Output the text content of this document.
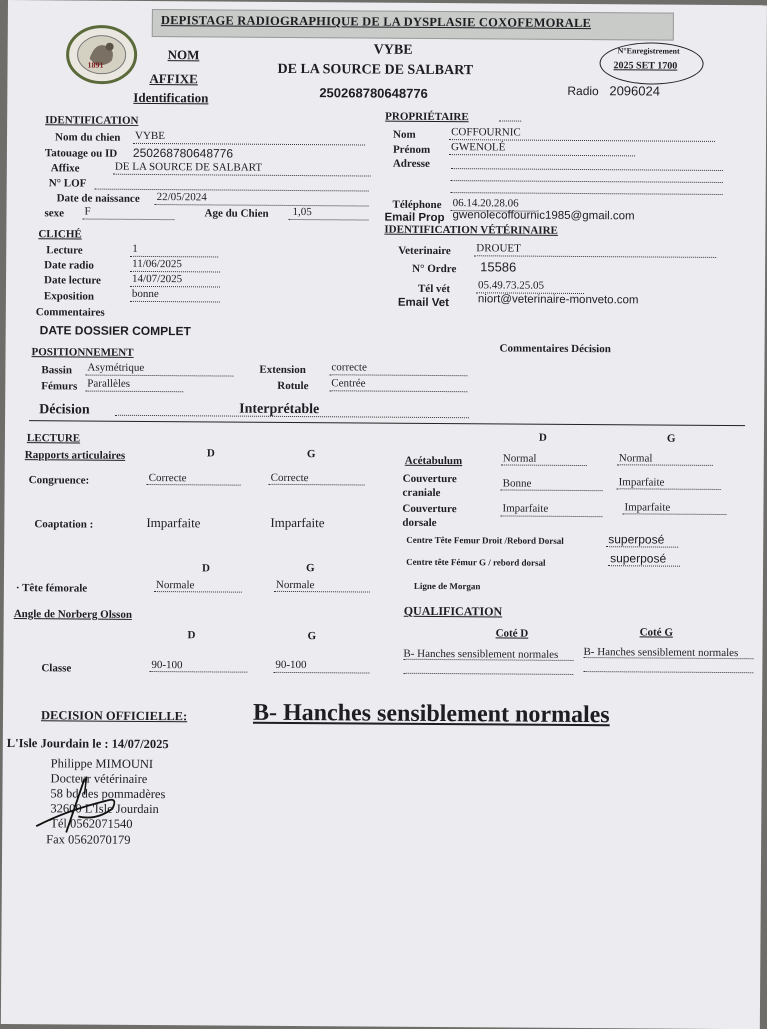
DEPISTAGE RADIOGRAPHIQUE DE LA DYSPLASIE COXOFEMORALE
1891
NOM
AFFIXE
Identification
VYBE
DE LA SOURCE DE SALBART
250268780648776
N°Enregistrement
2025 SET 1700
Radio 2096024
IDENTIFICATION
Nom du chien VYBE
Tatouage ou ID 250268780648776
Affixe	DE LA SOURCE DE SALBART
N° LOF
Date de naissance 22/05/2024
sexe F	Age du Chien 1,05
PROPRIÉTAIRE
Nom	COFFOURNIC
Prénom GWENOLÉ
Adresse
Téléphone 06.14.20.28.06
Email Prop gwenolecoffournic1985@gmail.com
CLICHÉ
Lecture	1
Date radio	11/06/2025
Date lecture	14/07/2025
Exposition	bonne
Commentaires
DATE DOSSIER COMPLET
IDENTIFICATION VÉTÉRINAIRE
Veterinaire DROUET
N° Ordre 15586
Tél vét	05.49.73.25.05
Email Vet	niort@veterinaire-monveto.com
POSITIONNEMENT	Commentaires Décision
Bassin Asymétrique	Extension correcte
Fémurs Parallèles	Rotule Centrée
Décision	Interprétable
LECTURE
Rapports articulaires	D	G
Congruence:	Correcte	Correcte
Coaptation :	Imparfaite	Imparfaite
D	G
· Tête fémorale	Normale	Normale
Angle de Norberg Olsson
D	G
Classe	90-100	90-100
D	G
Acétabulum	Normal	Normal
Couverture
craniale
Bonne	Imparfaite
Couverture
dorsale
Imparfaite	Imparfaite
Centre Tête Femur Droit /Rebord Dorsal	superposé
Centre tête Fémur G / rebord dorsal	superposé
Ligne de Morgan
QUALIFICATION
Coté D	Coté G
B- Hanches sensiblement normales	B- Hanches sensiblement normales
DECISION OFFICIELLE:	B- Hanches sensiblement normales
L'Isle Jourdain le : 14/07/2025
Philippe MIMOUNI
Docteur vétérinaire
58 bd des pommadères
32600 L'Isle Jourdain
Tél 0562071540
Fax 0562070179
